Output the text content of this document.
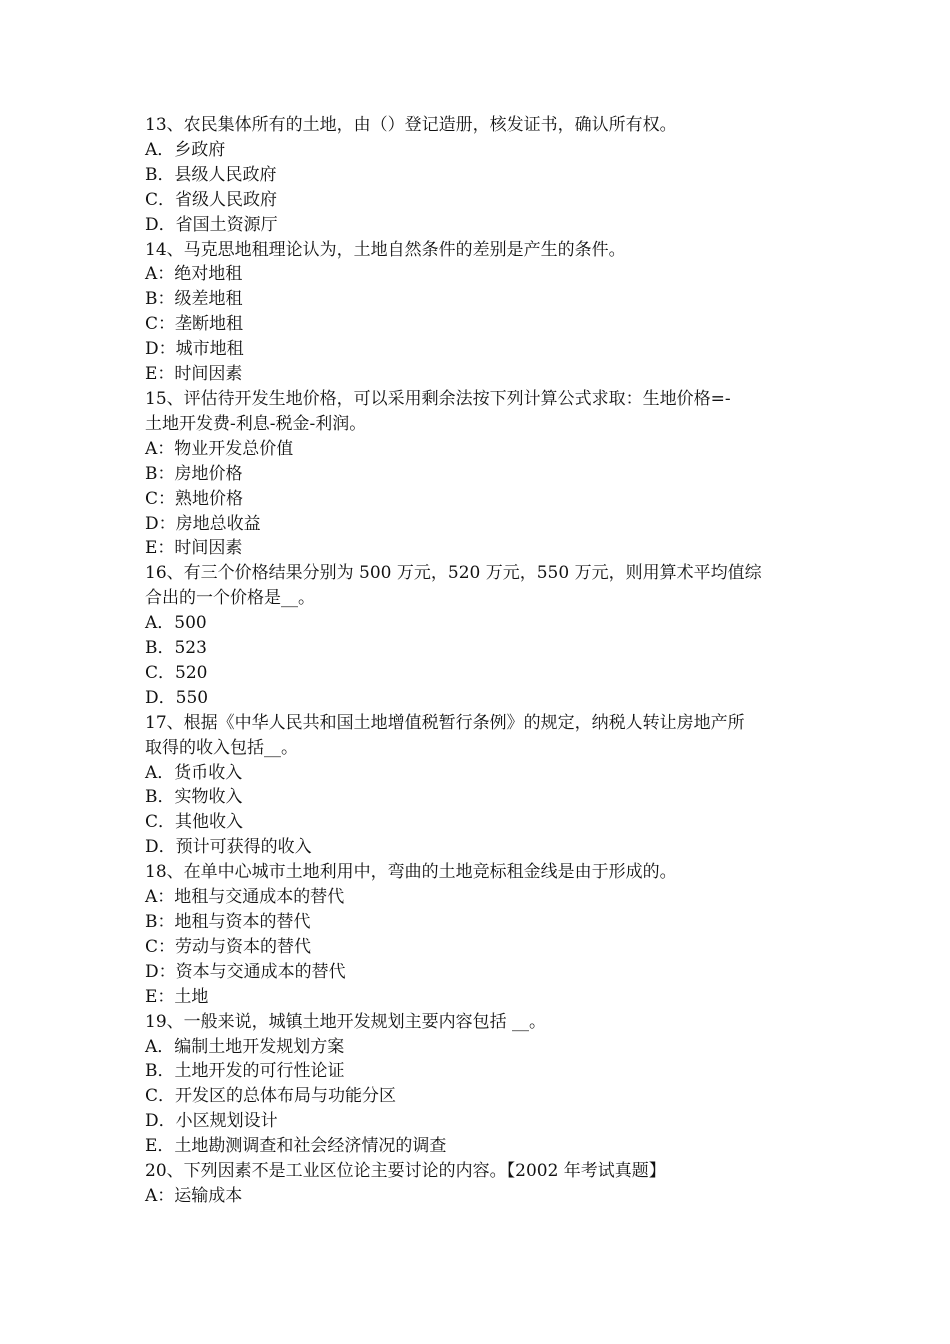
13、农民集体所有的土地，由（）登记造册，核发证书，确认所有权。

A．乡政府

B．县级人民政府

C．省级人民政府

D．省国土资源厅

14、马克思地租理论认为，土地自然条件的差别是产生的条件。

A：绝对地租

B：级差地租

C：垄断地租

D：城市地租

E：时间因素

15、评估待开发生地价格，可以采用剩余法按下列计算公式求取：生地价格=-

土地开发费-利息-税金-利润。

A：物业开发总价值

B：房地价格

C：熟地价格

D：房地总收益

E：时间因素

16、有三个价格结果分别为 500 万元，520 万元，550 万元，则用算术平均值综

合出的一个价格是__。

A．500

B．523

C．520

D．550

17、根据《中华人民共和国土地增值税暂行条例》的规定，纳税人转让房地产所

取得的收入包括__。

A．货币收入

B．实物收入

C．其他收入

D．预计可获得的收入

18、在单中心城市土地利用中，弯曲的土地竞标租金线是由于形成的。

A：地租与交通成本的替代

B：地租与资本的替代

C：劳动与资本的替代

D：资本与交通成本的替代

E：土地

19、一般来说，城镇土地开发规划主要内容包括 __。

A．编制土地开发规划方案

B．土地开发的可行性论证

C．开发区的总体布局与功能分区

D．小区规划设计

E．土地勘测调查和社会经济情况的调查

20、下列因素不是工业区位论主要讨论的内容。【2002 年考试真题】

A：运输成本
